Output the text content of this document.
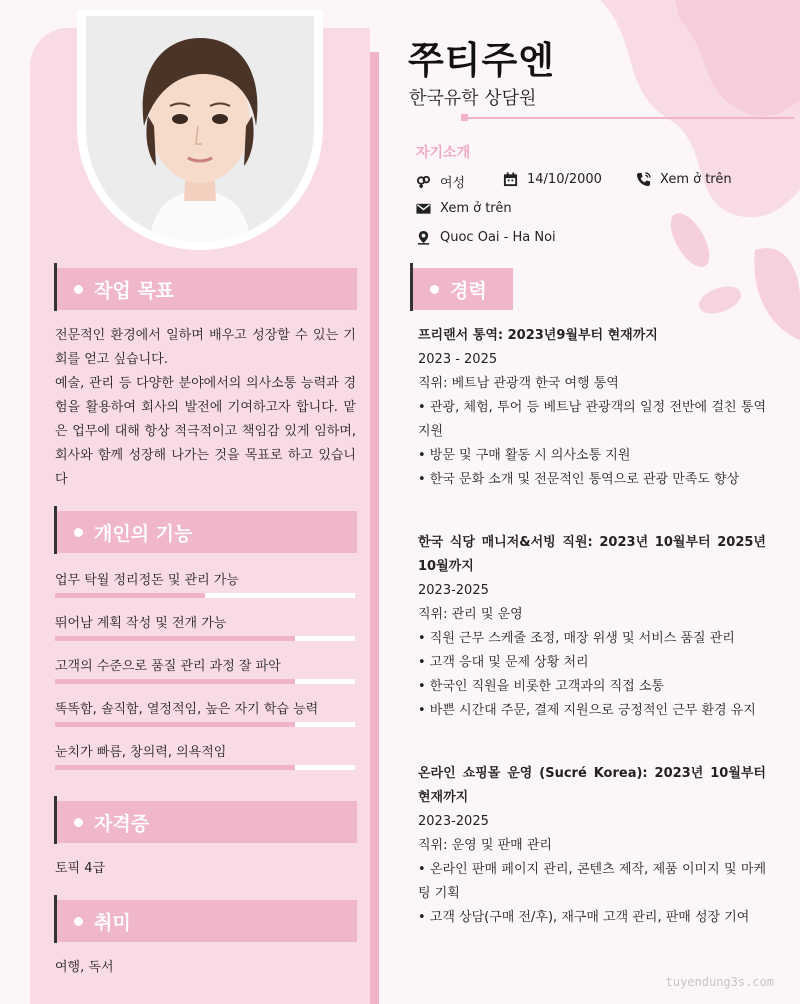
작업 목표

전문적인 환경에서 일하며 배우고 성장할 수 있는 기회를 얻고 싶습니다.

예술, 관리 등 다양한 분야에서의 의사소통 능력과 경험을 활용하여 회사의 발전에 기여하고자 합니다. 맡은 업무에 대해 항상 적극적이고 책임감 있게 임하며, 회사와 함께 성장해 나가는 것을 목표로 하고 있습니다

개인의 기능
업무 탁월 정리정돈 및 관리 가능
뛰어남 계획 작성 및 전개 가능
고객의 수준으로 품질 관리 과정 잘 파악
똑똑함, 솔직함, 열정적임, 높은 자기 학습 능력
눈치가 빠름, 창의력, 의욕적임
자격증
토픽 4급
취미
여행, 독서
쭈티주엔
한국유학 상담원
자기소개
여성	14/10/2000	Xem ở trên
Xem ở trên
Quoc Oai - Ha Noi
경력
프리랜서 통역: 2023년9월부터 현재까지
2023 - 2025
직위: 베트남 관광객 한국 여행 통역
• 관광, 체험, 투어 등 베트남 관광객의 일정 전반에 걸친 통역 지원
• 방문 및 구매 활동 시 의사소통 지원
• 한국 문화 소개 및 전문적인 통역으로 관광 만족도 향상
한국 식당 매니저&서빙 직원: 2023년 10월부터 2025년 10월까지
2023-2025
직위: 관리 및 운영
• 직원 근무 스케줄 조정, 매장 위생 및 서비스 품질 관리
• 고객 응대 및 문제 상황 처리
• 한국인 직원을 비롯한 고객과의 직접 소통
• 바쁜 시간대 주문, 결제 지원으로 긍정적인 근무 환경 유지
온라인 쇼핑몰 운영 (Sucré Korea): 2023년 10월부터 현재까지
2023-2025
직위: 운영 및 판매 관리
• 온라인 판매 페이지 관리, 콘텐츠 제작, 제품 이미지 및 마케팅 기획
• 고객 상담(구매 전/후), 재구매 고객 관리, 판매 성장 기여
tuyendung3s.com
